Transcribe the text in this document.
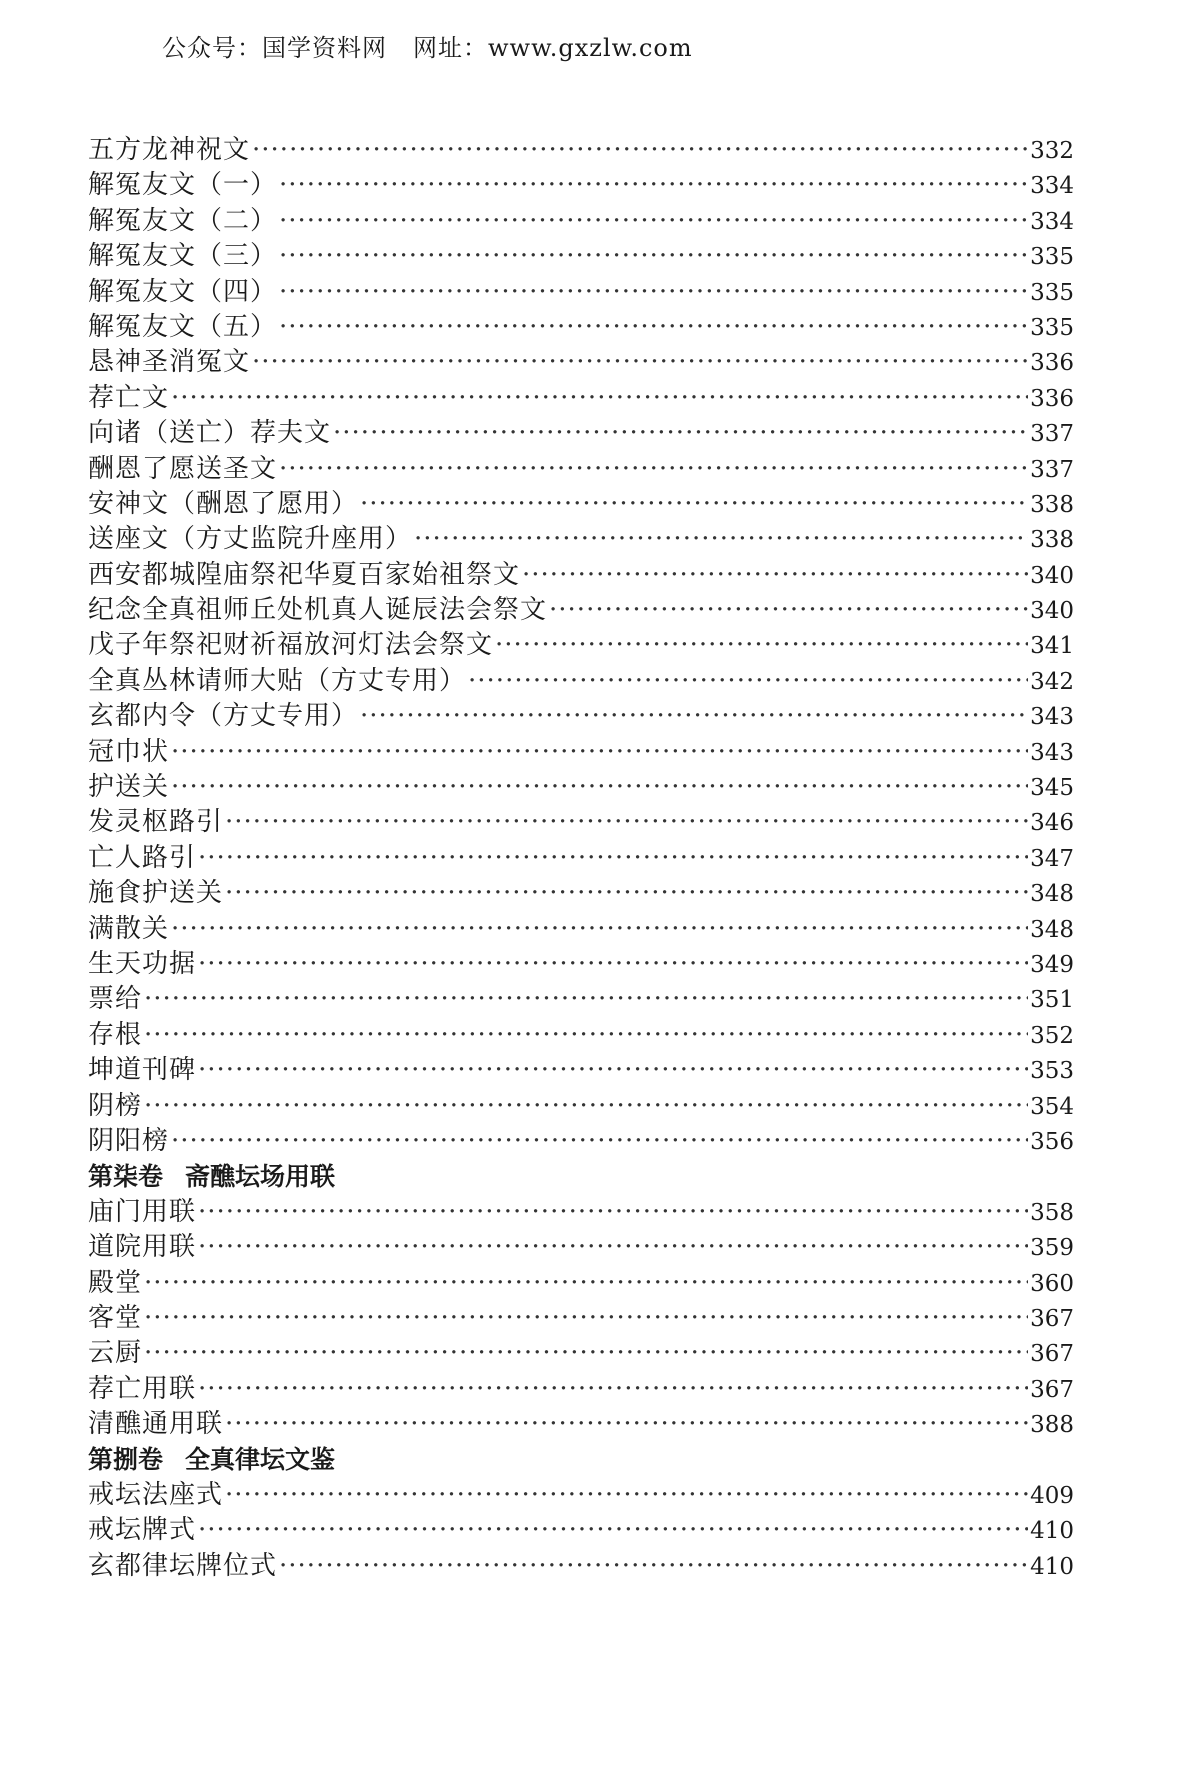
公众号：国学资料网 网址：www.gxzlw.com
五方龙神祝文 ·····	332
解冤友文（一） ·····	334
解冤友文（二） ·····	334
解冤友文（三） ·····	335
解冤友文（四） ·····	335
解冤友文（五） ·····	335
恳神圣消冤文 ·····	336
荐亡文 ·····	336
向诸（送亡）荐夫文 ·····	337
酬恩了愿送圣文 ·····	337
安神文（酬恩了愿用） ·····	338
送座文（方丈监院升座用） ·····	338
西安都城隍庙祭祀华夏百家始祖祭文 ·····	340
纪念全真祖师丘处机真人诞辰法会祭文 ·····	340
戊子年祭祀财祈福放河灯法会祭文 ·····	341
全真丛林请师大贴（方丈专用） ·····	342
玄都内令（方丈专用） ·····	343
冠巾状 ·····	343
护送关 ·····	345
发灵枢路引 ·····	346
亡人路引 ·····	347
施食护送关 ·····	348
满散关 ·····	348
生天功据 ·····	349
票给 ·····	351
存根 ·····	352
坤道刊碑 ·····	353
阴榜 ·····	354
阴阳榜 ·····	356
第柒卷 斋醮坛场用联
庙门用联 ·····	358
道院用联 ·····	359
殿堂 ·····	360
客堂 ·····	367
云厨 ·····	367
荐亡用联 ·····	367
清醮通用联 ·····	388
第捌卷 全真律坛文鉴
戒坛法座式 ·····	409
戒坛牌式 ·····	410
玄都律坛牌位式 ·····	410
